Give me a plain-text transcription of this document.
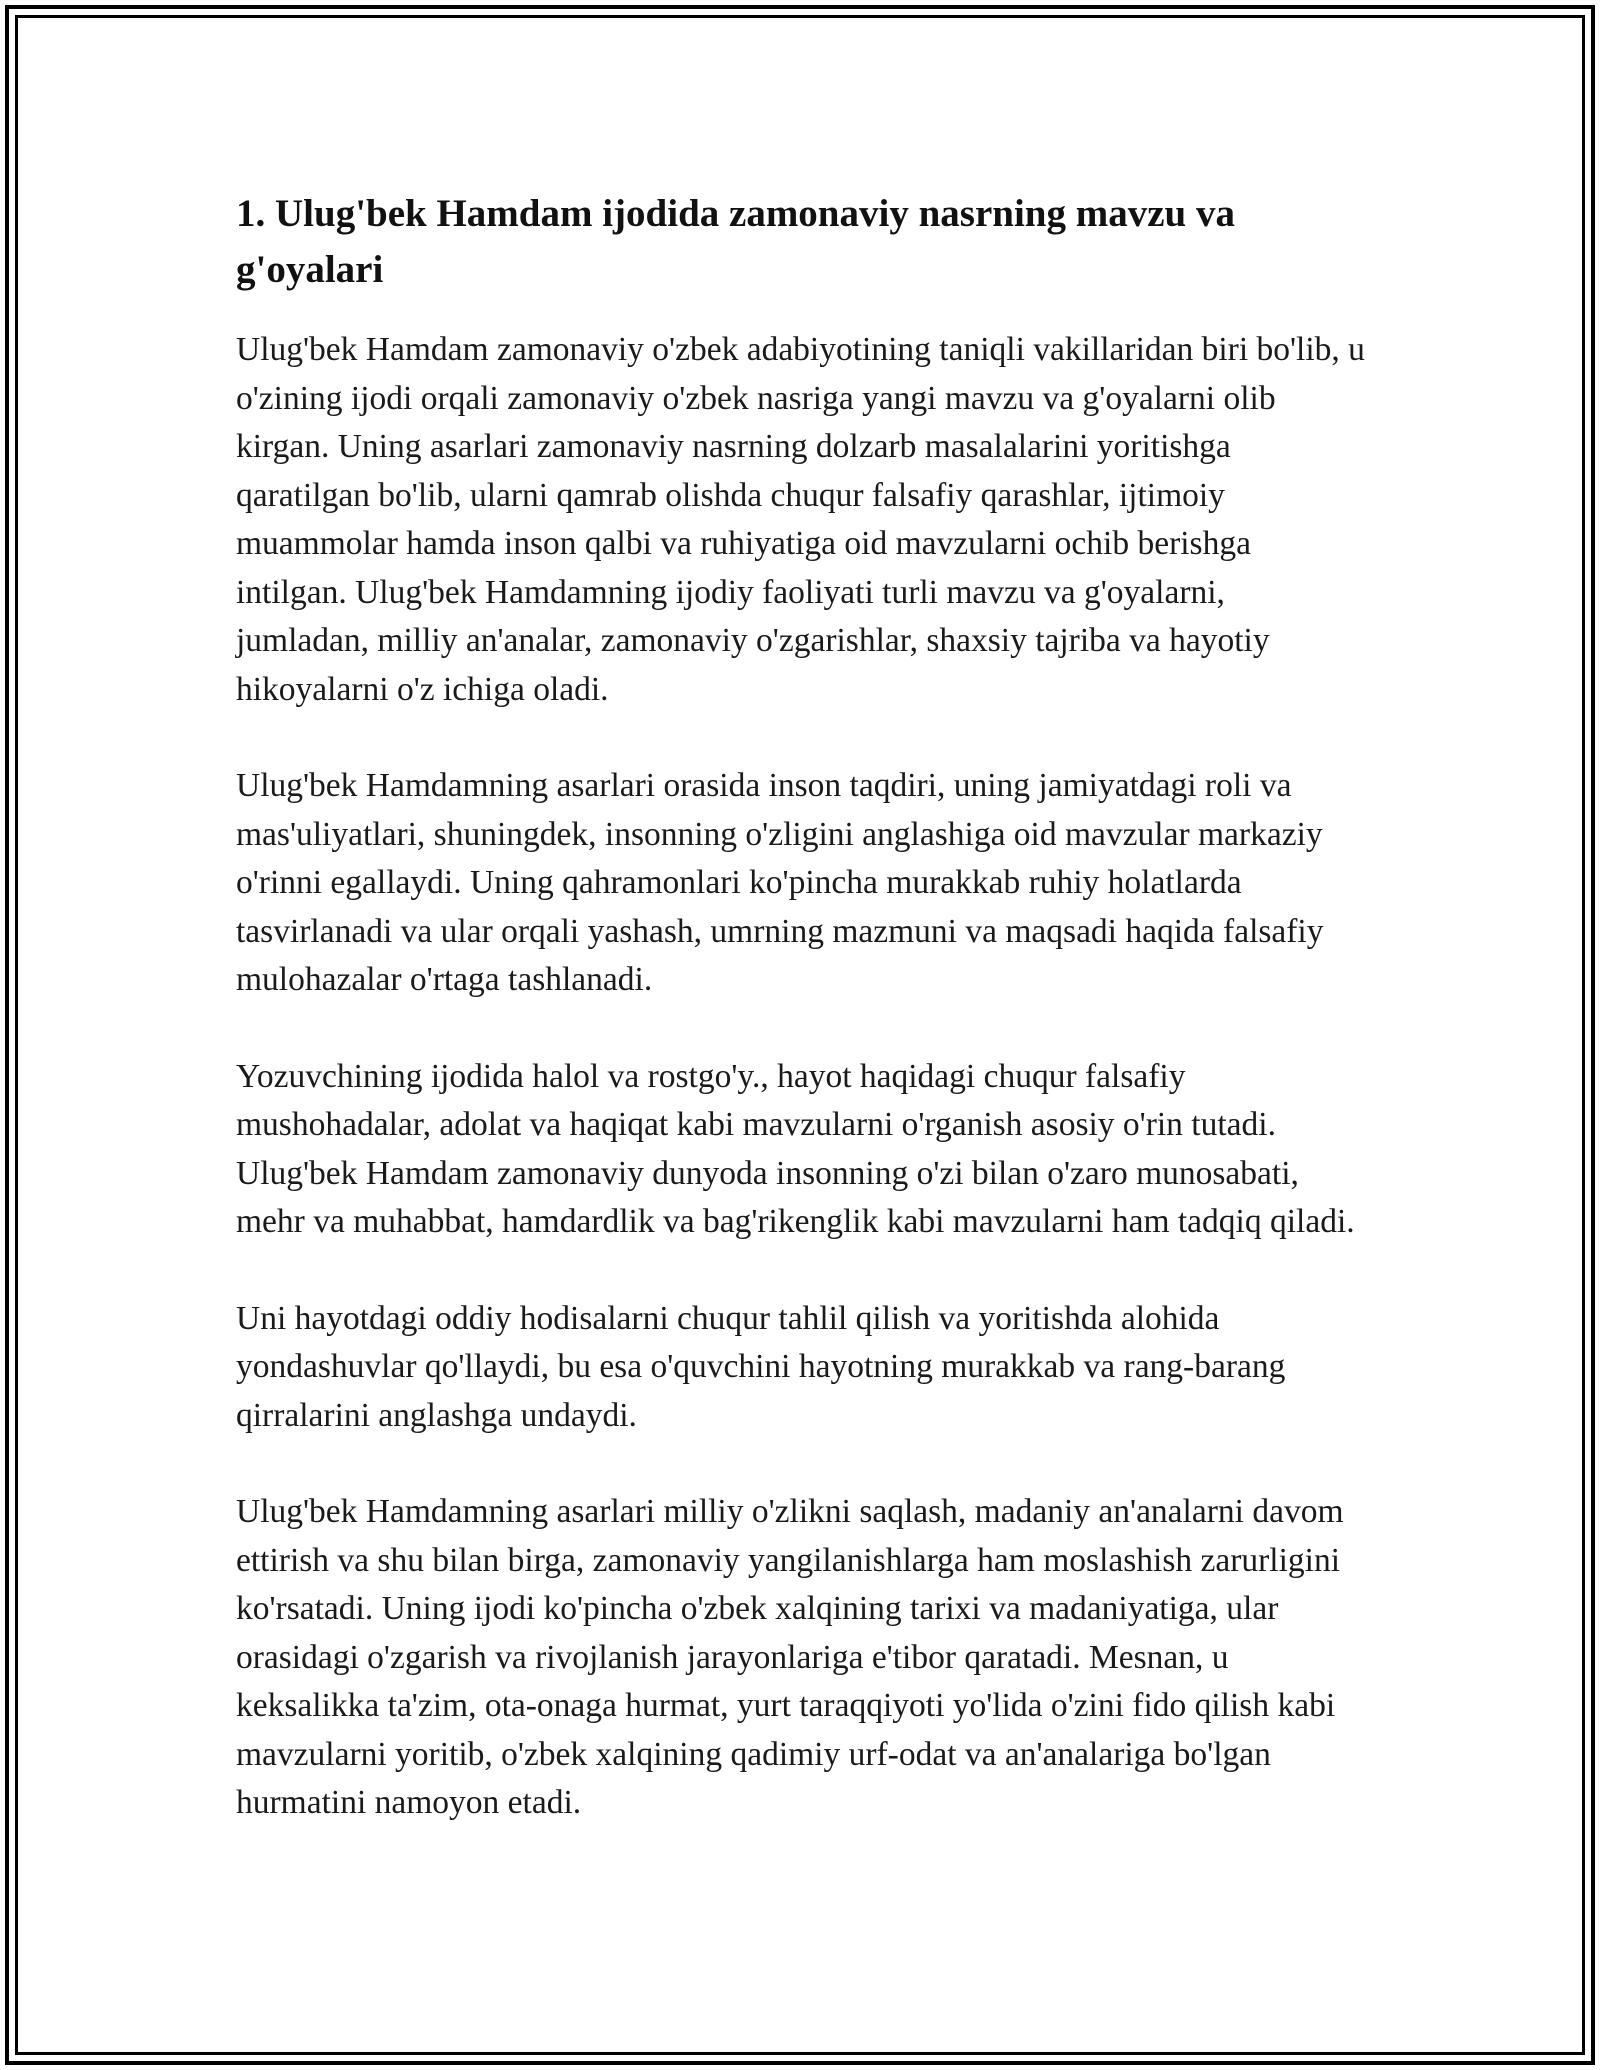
1. Ulug'bek Hamdam ijodida zamonaviy nasrning mavzu va g'oyalari

Ulug'bek Hamdam zamonaviy o'zbek adabiyotining taniqli vakillaridan biri bo'lib, u o'zining ijodi orqali zamonaviy o'zbek nasriga yangi mavzu va g'oyalarni olib kirgan. Uning asarlari zamonaviy nasrning dolzarb masalalarini yoritishga qaratilgan bo'lib, ularni qamrab olishda chuqur falsafiy qarashlar, ijtimoiy muammolar hamda inson qalbi va ruhiyatiga oid mavzularni ochib berishga intilgan. Ulug'bek Hamdamning ijodiy faoliyati turli mavzu va g'oyalarni, jumladan, milliy an'analar, zamonaviy o'zgarishlar, shaxsiy tajriba va hayotiy hikoyalarni o'z ichiga oladi.

Ulug'bek Hamdamning asarlari orasida inson taqdiri, uning jamiyatdagi roli va mas'uliyatlari, shuningdek, insonning o'zligini anglashiga oid mavzular markaziy o'rinni egallaydi. Uning qahramonlari ko'pincha murakkab ruhiy holatlarda tasvirlanadi va ular orqali yashash, umrning mazmuni va maqsadi haqida falsafiy mulohazalar o'rtaga tashlanadi.

Yozuvchining ijodida halol va rostgo'y., hayot haqidagi chuqur falsafiy mushohadalar, adolat va haqiqat kabi mavzularni o'rganish asosiy o'rin tutadi. Ulug'bek Hamdam zamonaviy dunyoda insonning o'zi bilan o'zaro munosabati, mehr va muhabbat, hamdardlik va bag'rikenglik kabi mavzularni ham tadqiq qiladi.

Uni hayotdagi oddiy hodisalarni chuqur tahlil qilish va yoritishda alohida yondashuvlar qo'llaydi, bu esa o'quvchini hayotning murakkab va rang-barang qirralarini anglashga undaydi.

Ulug'bek Hamdamning asarlari milliy o'zlikni saqlash, madaniy an'analarni davom ettirish va shu bilan birga, zamonaviy yangilanishlarga ham moslashish zarurligini ko'rsatadi. Uning ijodi ko'pincha o'zbek xalqining tarixi va madaniyatiga, ular orasidagi o'zgarish va rivojlanish jarayonlariga e'tibor qaratadi. Mesnan, u keksalikka ta'zim, ota-onaga hurmat, yurt taraqqiyoti yo'lida o'zini fido qilish kabi mavzularni yoritib, o'zbek xalqining qadimiy urf-odat va an'analariga bo'lgan hurmatini namoyon etadi.
